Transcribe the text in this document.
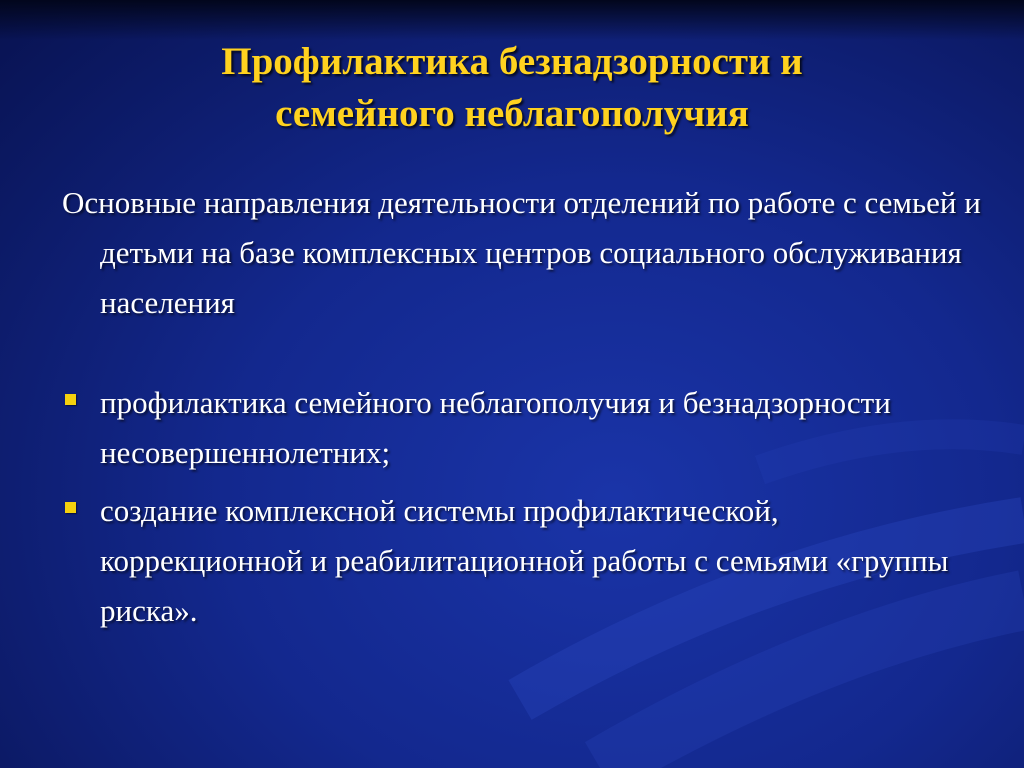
Профилактика безнадзорности и
семейного неблагополучия

Основные направления деятельности отделений по работе с семьей и детьми на базе комплексных центров социального обслуживания населения

профилактика семейного неблагополучия и безнадзорности несовершеннолетних;
создание комплексной системы профилактической, коррекционной и реабилитационной работы с семьями «группы риска».
